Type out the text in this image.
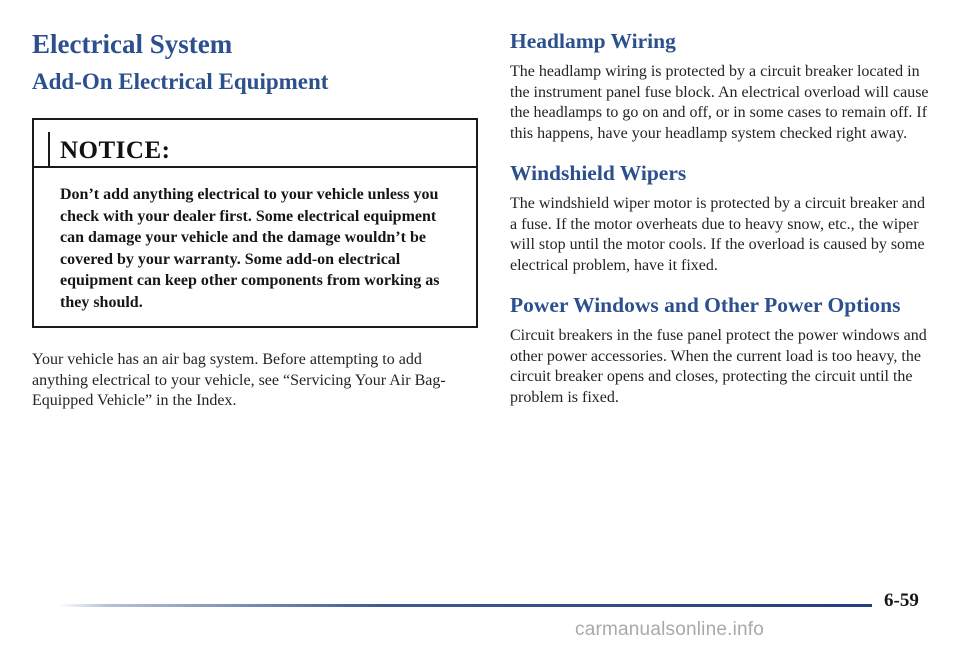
Electrical System
Add-On Electrical Equipment
NOTICE:
Don’t add anything electrical to your vehicle unless you check with your dealer first. Some electrical equipment can damage your vehicle and the damage wouldn’t be covered by your warranty. Some add-on electrical equipment can keep other components from working as they should.

Your vehicle has an air bag system. Before attempting to add anything electrical to your vehicle, see “Servicing Your Air Bag-Equipped Vehicle” in the Index.

Headlamp Wiring

The headlamp wiring is protected by a circuit breaker located in the instrument panel fuse block. An electrical overload will cause the headlamps to go on and off, or in some cases to remain off. If this happens, have your headlamp system checked right away.

Windshield Wipers

The windshield wiper motor is protected by a circuit breaker and a fuse. If the motor overheats due to heavy snow, etc., the wiper will stop until the motor cools. If the overload is caused by some electrical problem, have it fixed.

Power Windows and Other Power Options

Circuit breakers in the fuse panel protect the power windows and other power accessories. When the current load is too heavy, the circuit breaker opens and closes, protecting the circuit until the problem is fixed.

6-59
carmanualsonline.info
